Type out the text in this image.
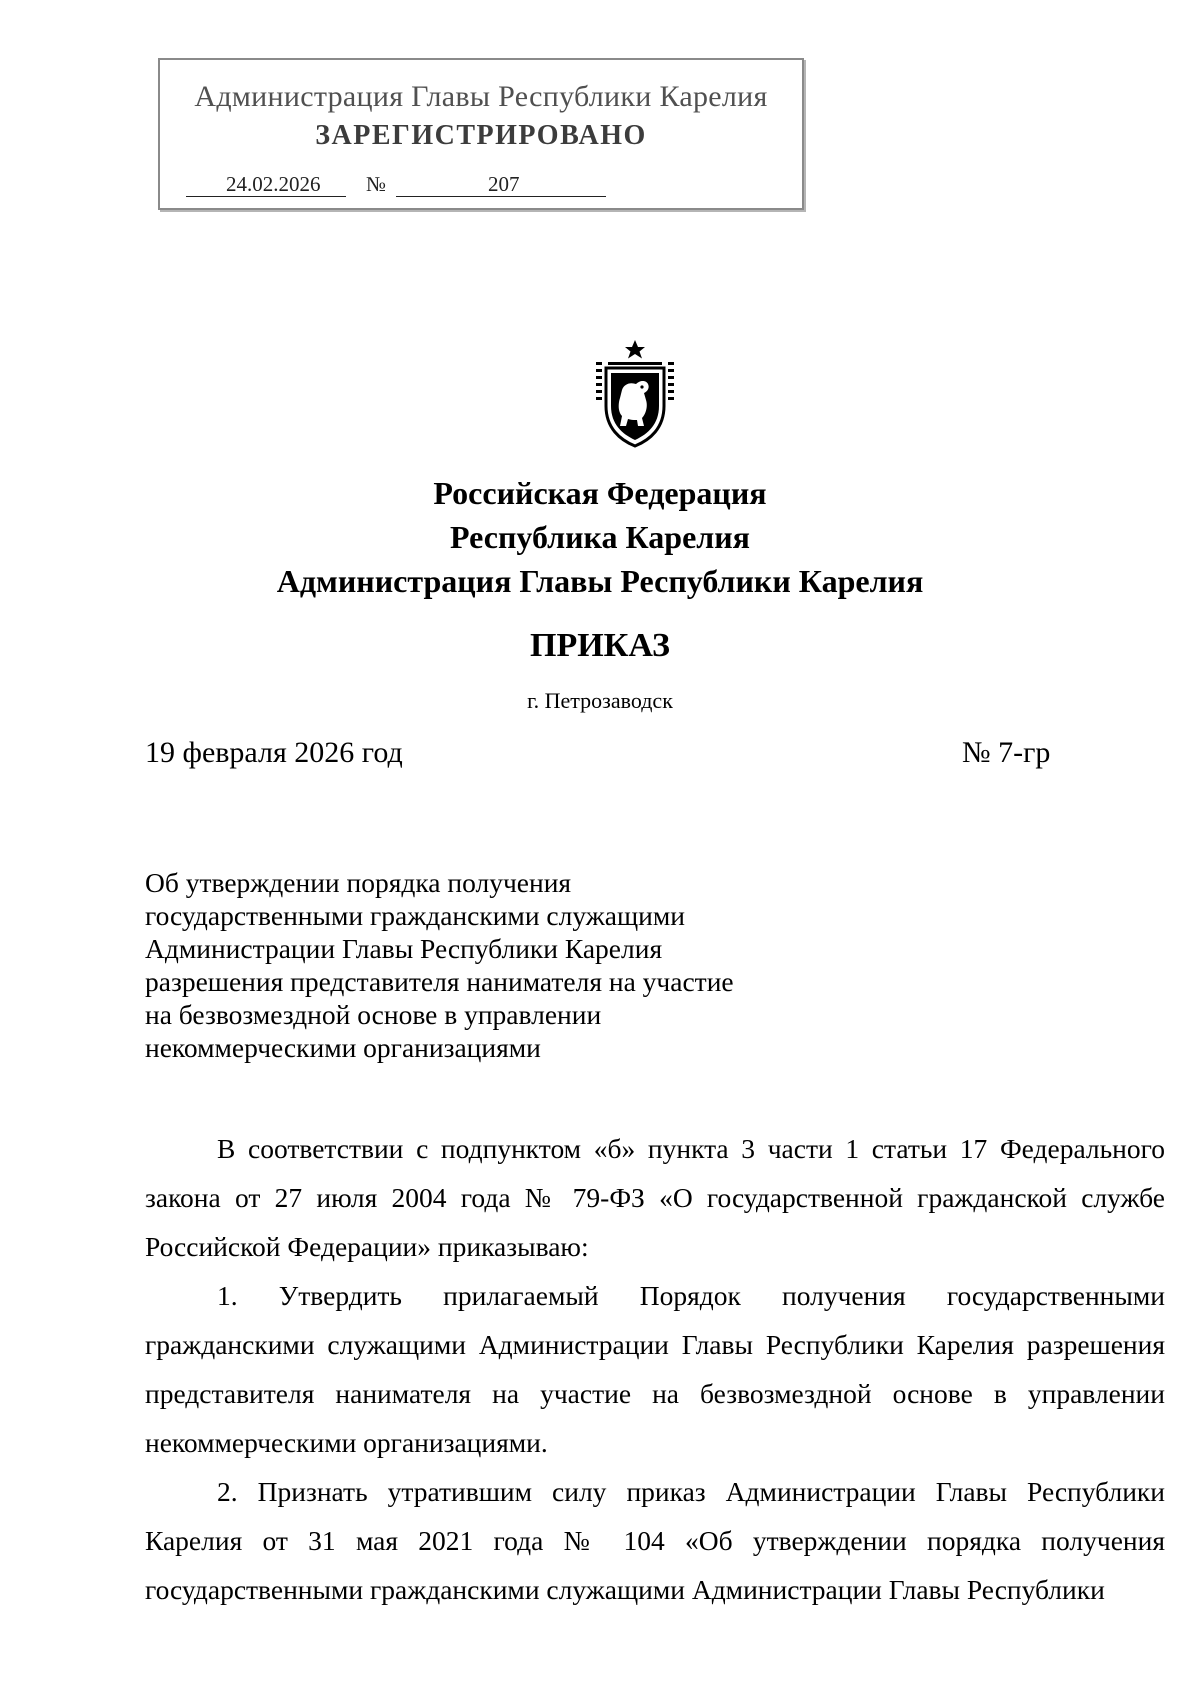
Администрация Главы Республики Карелия
ЗАРЕГИСТРИРОВАНО
24.02.2026 №	207
Российская Федерация
Республика Карелия
Администрация Главы Республики Карелия
ПРИКАЗ
г. Петрозаводск
19 февраля 2026 год	№ 7-гр
Об утверждении порядка получения
государственными гражданскими служащими
Администрации Главы Республики Карелия
разрешения представителя нанимателя на участие
на безвозмездной основе в управлении
некоммерческими организациями

В соответствии с подпунктом «б» пункта 3 части 1 статьи 17 Федерального закона от 27 июля 2004 года № 79-ФЗ «О государственной гражданской службе Российской Федерации» приказываю:

1. Утвердить прилагаемый Порядок получения государственными гражданскими служащими Администрации Главы Республики Карелия разрешения представителя нанимателя на участие на безвозмездной основе в управлении некоммерческими организациями.

2. Признать утратившим силу приказ Администрации Главы Республики Карелия от 31 мая 2021 года № 104 «Об утверждении порядка получения государственными гражданскими служащими Администрации Главы Республики
